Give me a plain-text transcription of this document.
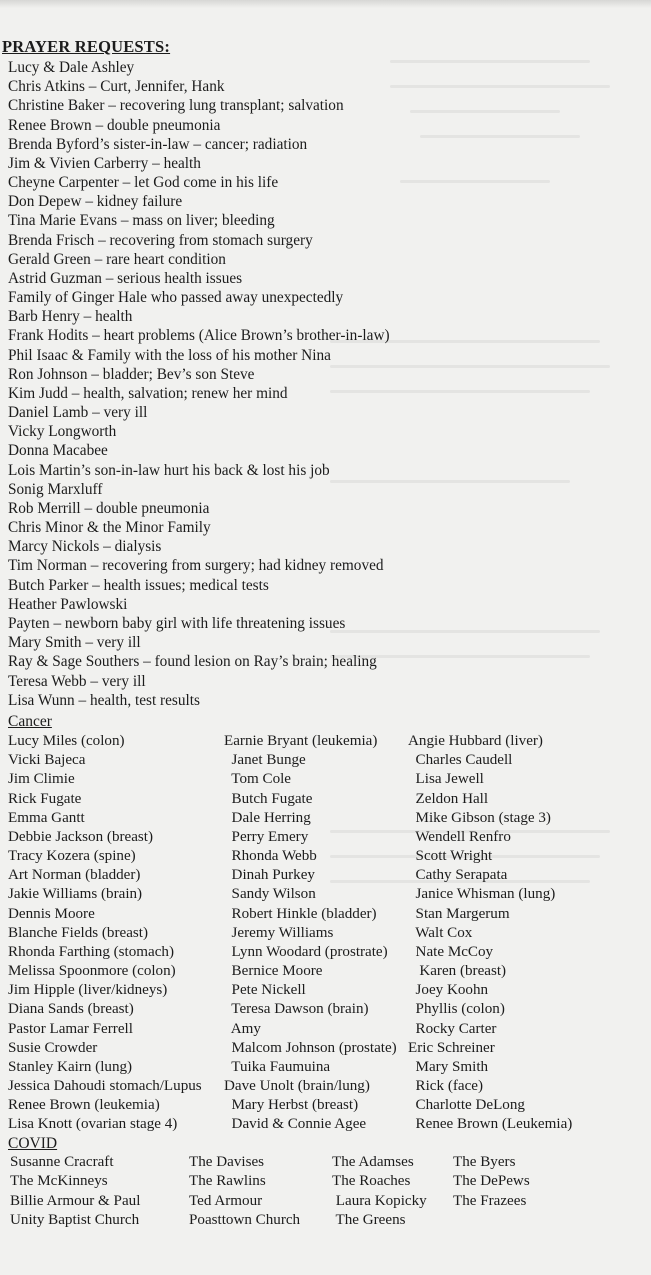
PRAYER REQUESTS:
Lucy & Dale Ashley
Chris Atkins – Curt, Jennifer, Hank
Christine Baker – recovering lung transplant; salvation
Renee Brown – double pneumonia
Brenda Byford’s sister-in-law – cancer; radiation
Jim & Vivien Carberry – health
Cheyne Carpenter – let God come in his life
Don Depew – kidney failure
Tina Marie Evans – mass on liver; bleeding
Brenda Frisch – recovering from stomach surgery
Gerald Green – rare heart condition
Astrid Guzman – serious health issues
Family of Ginger Hale who passed away unexpectedly
Barb Henry – health
Frank Hodits – heart problems (Alice Brown’s brother-in-law)
Phil Isaac & Family with the loss of his mother Nina
Ron Johnson – bladder; Bev’s son Steve
Kim Judd – health, salvation; renew her mind
Daniel Lamb – very ill
Vicky Longworth
Donna Macabee
Lois Martin’s son-in-law hurt his back & lost his job
Sonig Marxluff
Rob Merrill – double pneumonia
Chris Minor & the Minor Family
Marcy Nickols – dialysis
Tim Norman – recovering from surgery; had kidney removed
Butch Parker – health issues; medical tests
Heather Pawlowski
Payten – newborn baby girl with life threatening issues
Mary Smith – very ill
Ray & Sage Southers – found lesion on Ray’s brain; healing
Teresa Webb – very ill
Lisa Wunn – health, test results
Cancer
Lucy Miles (colon)
Vicki Bajeca
Jim Climie
Rick Fugate
Emma Gantt
Debbie Jackson (breast)
Tracy Kozera (spine)
Art Norman (bladder)
Jakie Williams (brain)
Dennis Moore
Blanche Fields (breast)
Rhonda Farthing (stomach)
Melissa Spoonmore (colon)
Jim Hipple (liver/kidneys)
Diana Sands (breast)
Pastor Lamar Ferrell
Susie Crowder
Stanley Kairn (lung)
Jessica Dahoudi stomach/Lupus
Renee Brown (leukemia)
Lisa Knott (ovarian stage 4)
Earnie Bryant (leukemia)
Janet Bunge
Tom Cole
Butch Fugate
Dale Herring
Perry Emery
Rhonda Webb
Dinah Purkey
Sandy Wilson
Robert Hinkle (bladder)
Jeremy Williams
Lynn Woodard (prostrate)
Bernice Moore
Pete Nickell
Teresa Dawson (brain)
Amy
Malcom Johnson (prostate)
Tuika Faumuina
Dave Unolt (brain/lung)
Mary Herbst (breast)
David & Connie Agee
Angie Hubbard (liver)
Charles Caudell
Lisa Jewell
Zeldon Hall
Mike Gibson (stage 3)
Wendell Renfro
Scott Wright
Cathy Serapata
Janice Whisman (lung)
Stan Margerum
Walt Cox
Nate McCoy
Karen (breast)
Joey Koohn
Phyllis (colon)
Rocky Carter
Eric Schreiner
Mary Smith
Rick (face)
Charlotte DeLong
Renee Brown (Leukemia)
COVID
Susanne Cracraft
The McKinneys
Billie Armour & Paul
Unity Baptist Church
The Davises
The Rawlins
Ted Armour
Poasttown Church
The Adamses
The Roaches
Laura Kopicky
The Greens
The Byers
The DePews
The Frazees
